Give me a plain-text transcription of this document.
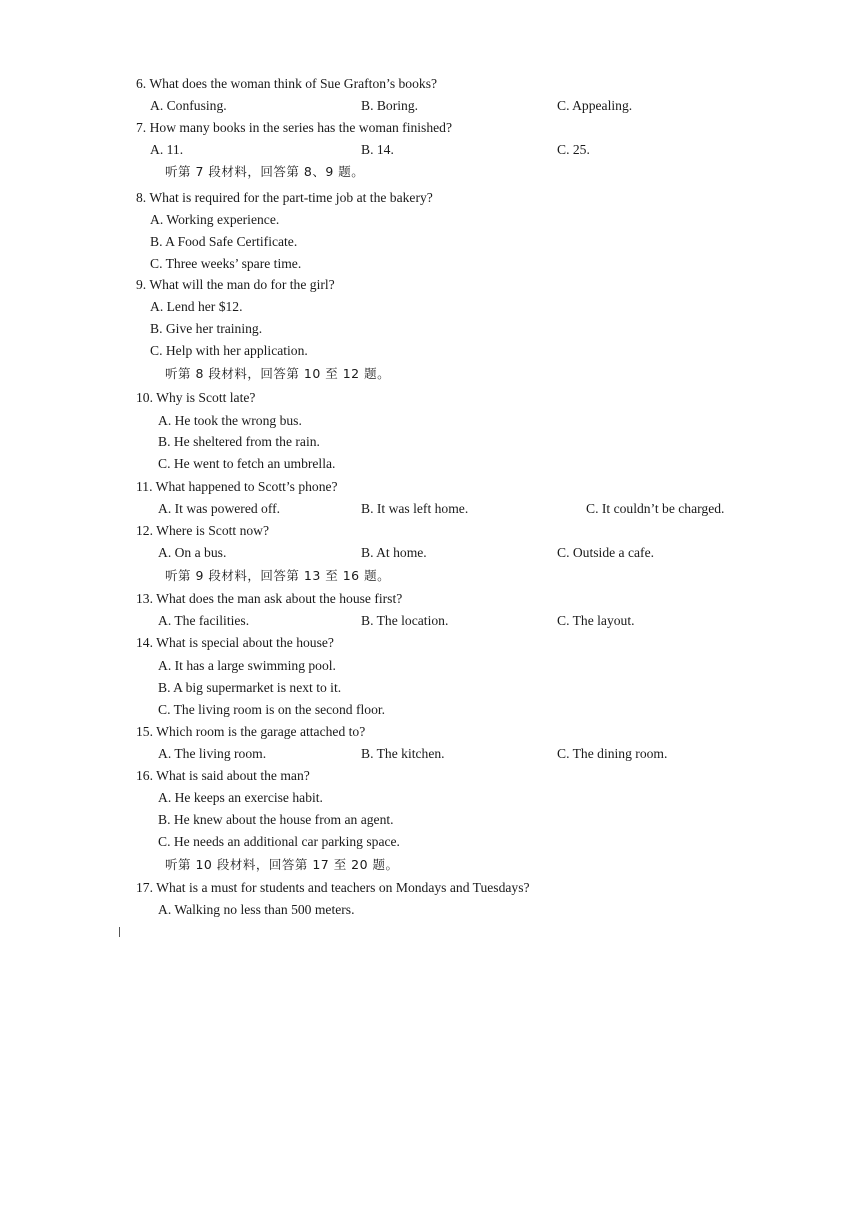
6. What does the woman think of Sue Grafton’s books?
A. Confusing.	B. Boring.	C. Appealing.
7. How many books in the series has the woman finished?
A. 11.	B. 14.	C. 25.
听第 7 段材料，回答第 8、9 题。
8. What is required for the part-time job at the bakery?
A. Working experience.
B. A Food Safe Certificate.
C. Three weeks’ spare time.
9. What will the man do for the girl?
A. Lend her $12.
B. Give her training.
C. Help with her application.
听第 8 段材料，回答第 10 至 12 题。
10. Why is Scott late?
A. He took the wrong bus.
B. He sheltered from the rain.
C. He went to fetch an umbrella.
11. What happened to Scott’s phone?
A. It was powered off.	B. It was left home.	C. It couldn’t be charged.
12. Where is Scott now?
A. On a bus.	B. At home.	C. Outside a cafe.
听第 9 段材料，回答第 13 至 16 题。
13. What does the man ask about the house first?
A. The facilities.	B. The location.	C. The layout.
14. What is special about the house?
A. It has a large swimming pool.
B. A big supermarket is next to it.
C. The living room is on the second floor.
15. Which room is the garage attached to?
A. The living room.	B. The kitchen.	C. The dining room.
16. What is said about the man?
A. He keeps an exercise habit.
B. He knew about the house from an agent.
C. He needs an additional car parking space.
听第 10 段材料，回答第 17 至 20 题。
17. What is a must for students and teachers on Mondays and Tuesdays?
A. Walking no less than 500 meters.
